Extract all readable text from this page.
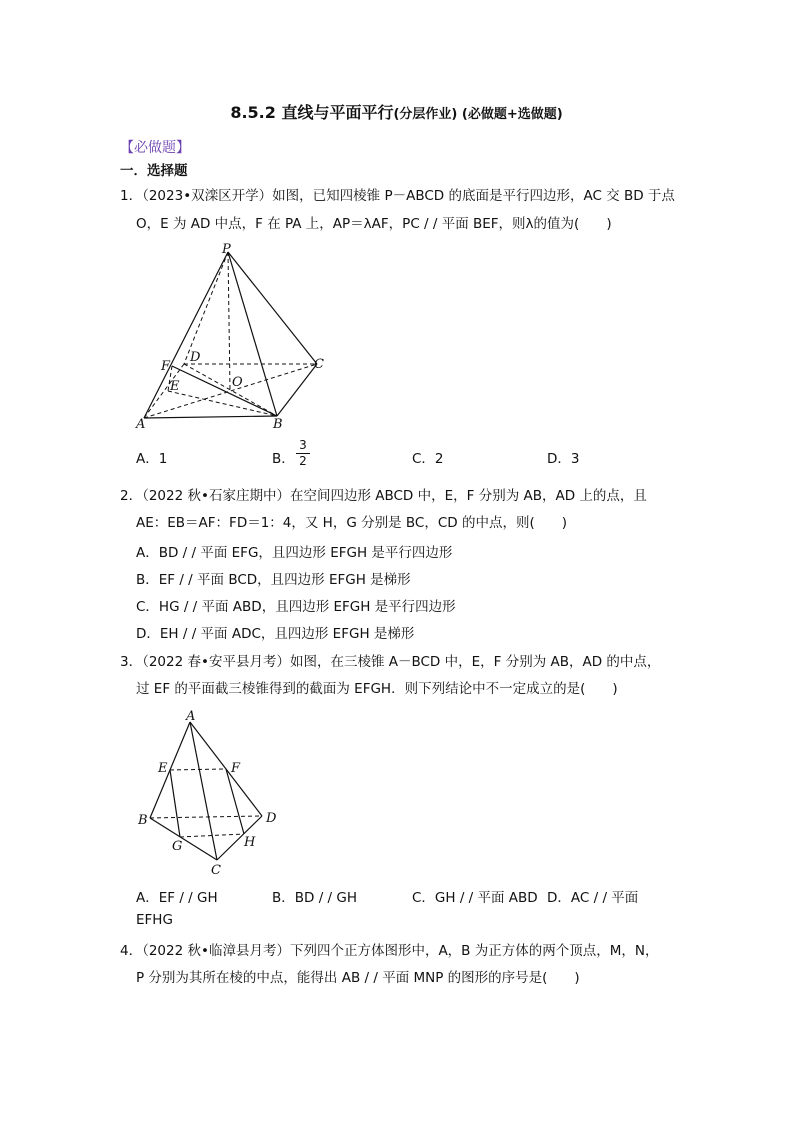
8.5.2 直线与平面平行(分层作业) (必做题+选做题)
【必做题】
一．选择题
1．（2023•双滦区开学）如图，已知四棱锥 P－ABCD 的底面是平行四边形，AC 交 BD 于点
O，E 为 AD 中点，F 在 PA 上，AP＝λAF，PC / / 平面 BEF，则λ的值为(　　)
P
A	B
C
D
E
F
O
A．1	B．
3
2	C．2	D．3
2．（2022 秋•石家庄期中）在空间四边形 ABCD 中，E，F 分别为 AB，AD 上的点，且
AE：EB＝AF：FD＝1：4，又 H，G 分别是 BC，CD 的中点，则(　　)
A．BD / / 平面 EFG，且四边形 EFGH 是平行四边形
B．EF / / 平面 BCD，且四边形 EFGH 是梯形
C．HG / / 平面 ABD，且四边形 EFGH 是平行四边形
D．EH / / 平面 ADC，且四边形 EFGH 是梯形
3．（2022 春•安平县月考）如图，在三棱锥 A－BCD 中，E，F 分别为 AB，AD 的中点，
过 EF 的平面截三棱锥得到的截面为 EFGH．则下列结论中不一定成立的是(　　)
A
E	F
B	D
G	H
C
A．EF / / GH	B．BD / / GH	C．GH / / 平面 ABD D．AC / / 平面
EFHG
4．（2022 秋•临漳县月考）下列四个正方体图形中，A，B 为正方体的两个顶点，M，N，
P 分别为其所在棱的中点，能得出 AB / / 平面 MNP 的图形的序号是(　　)
